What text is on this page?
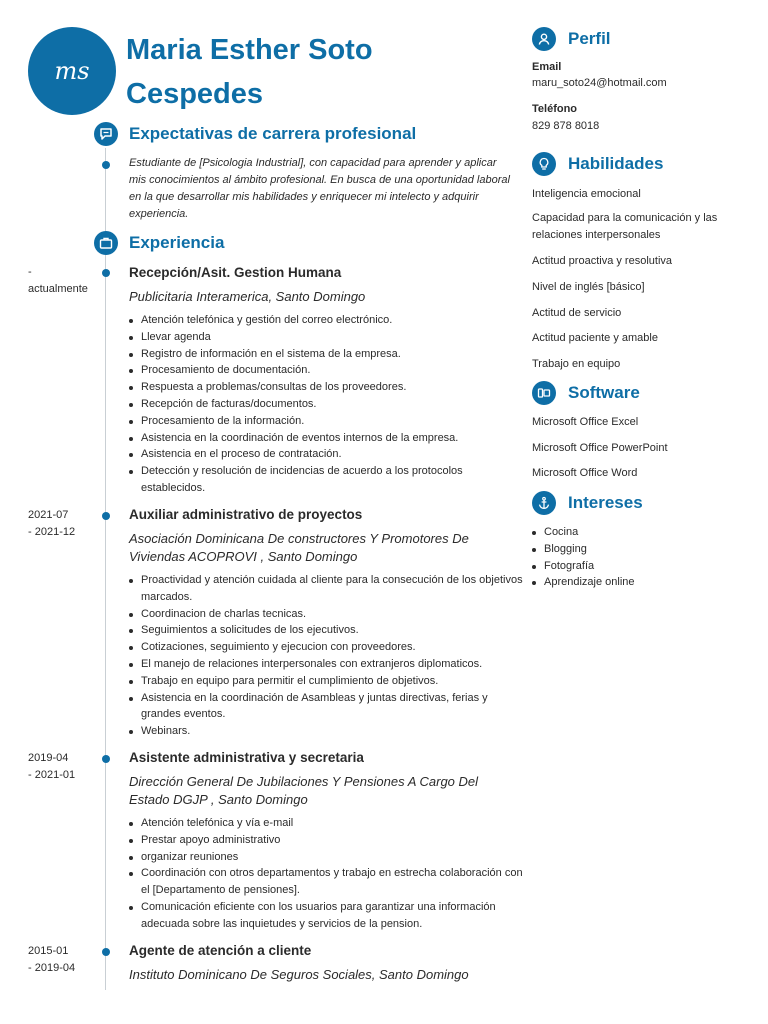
ms
Maria Esther Soto
Cespedes
Expectativas de carrera profesional

Estudiante de [Psicologia Industrial], con capacidad para aprender y aplicar mis conocimientos al ámbito profesional. En busca de una oportunidad laboral en la que desarrollar mis habilidades y enriquecer mi intelecto y adquirir experiencia.

Experiencia
-
actualmente
Recepción/Asit. Gestion Humana
Publicitaria Interamerica, Santo Domingo
Atención telefónica y gestión del correo electrónico.
Llevar agenda
Registro de información en el sistema de la empresa.
Procesamiento de documentación.
Respuesta a problemas/consultas de los proveedores.
Recepción de facturas/documentos.
Procesamiento de la información.
Asistencia en la coordinación de eventos internos de la empresa.
Asistencia en el proceso de contratación.
Detección y resolución de incidencias de acuerdo a los protocolos establecidos.
2021-07
- 2021-12
Auxiliar administrativo de proyectos
Asociación Dominicana De constructores Y Promotores De Viviendas ACOPROVI , Santo Domingo
Proactividad y atención cuidada al cliente para la consecución de los objetivos marcados.
Coordinacion de charlas tecnicas.
Seguimientos a solicitudes de los ejecutivos.
Cotizaciones, seguimiento y ejecucion con proveedores.
El manejo de relaciones interpersonales con extranjeros diplomaticos.
Trabajo en equipo para permitir el cumplimiento de objetivos.
Asistencia en la coordinación de Asambleas y juntas directivas, ferias y grandes eventos.
Webinars.
2019-04
- 2021-01
Asistente administrativa y secretaria
Dirección General De Jubilaciones Y Pensiones A Cargo Del Estado DGJP , Santo Domingo
Atención telefónica y vía e-mail
Prestar apoyo administrativo
organizar reuniones
Coordinación con otros departamentos y trabajo en estrecha colaboración con el [Departamento de pensiones].
Comunicación eficiente con los usuarios para garantizar una información adecuada sobre las inquietudes y servicios de la pension.
2015-01
- 2019-04
Agente de atención a cliente
Instituto Dominicano De Seguros Sociales, Santo Domingo
Perfil
Email
maru_soto24@hotmail.com
Teléfono
829 878 8018
Habilidades
Inteligencia emocional
Capacidad para la comunicación y las relaciones interpersonales
Actitud proactiva y resolutiva
Nivel de inglés [básico]
Actitud de servicio
Actitud paciente y amable
Trabajo en equipo
Software
Microsoft Office Excel
Microsoft Office PowerPoint
Microsoft Office Word
Intereses
Cocina
Blogging
Fotografía
Aprendizaje online
